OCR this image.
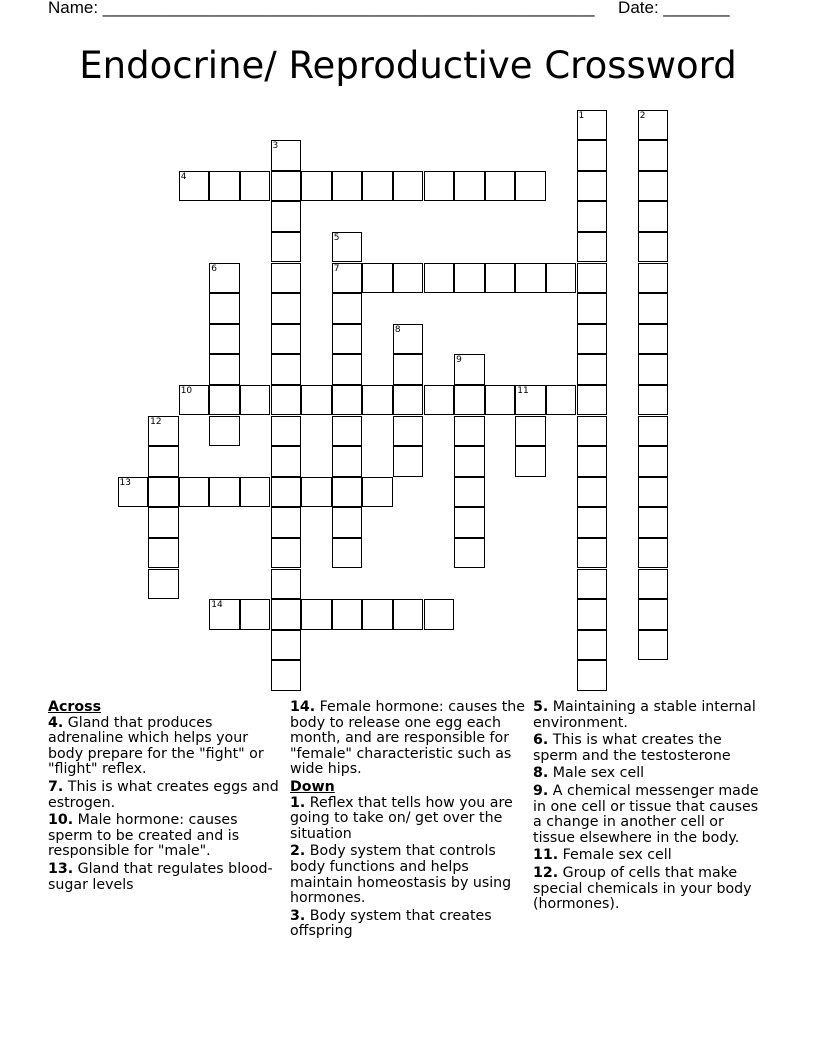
Name: ____________________________________________________     Date: _______
Endocrine/ Reproductive Crossword
1	2
3
4
5
7
6
8
9
10	11
12
13
14
Across
4. Gland that produces adrenaline which helps your body prepare for the "fight" or "flight" reflex.
7. This is what creates eggs and estrogen.
10. Male hormone: causes sperm to be created and is responsible for "male".
13. Gland that regulates blood-sugar levels
14. Female hormone: causes the body to release one egg each month, and are responsible for "female" characteristic such as wide hips.
Down
1. Reflex that tells how you are going to take on/ get over the situation
2. Body system that controls body functions and helps maintain homeostasis by using hormones.
3. Body system that creates offspring
5. Maintaining a stable internal environment.
6. This is what creates the sperm and the testosterone
8. Male sex cell
9. A chemical messenger made in one cell or tissue that causes a change in another cell or tissue elsewhere in the body.
11. Female sex cell
12. Group of cells that make special chemicals in your body (hormones).
